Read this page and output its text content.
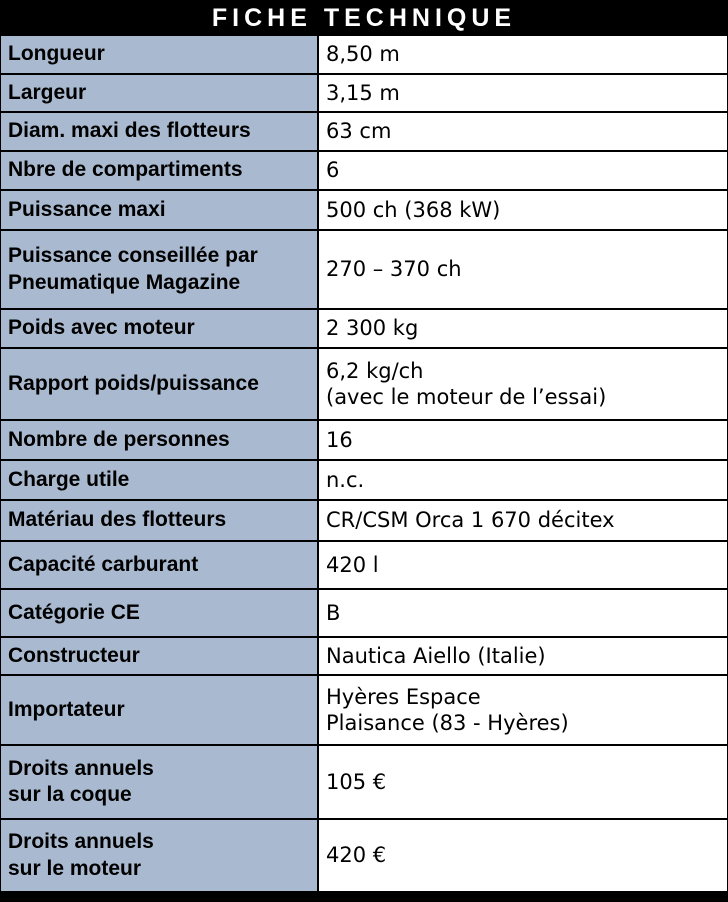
FICHE TECHNIQUE
Longueur	8,50 m

Largeur	3,15 m

Diam. maxi des flotteurs	63 cm

Nbre de compartiments	6

Puissance maxi	500 ch (368 kW)

Puissance conseillée par
Pneumatique Magazine	270 – 370 ch

Poids avec moteur	2 300 kg

Rapport poids/puissance	6,2 kg/ch
(avec le moteur de l’essai)

Nombre de personnes	16

Charge utile	n.c.

Matériau des flotteurs	CR/CSM Orca 1 670 décitex

Capacité carburant	420 l

Catégorie CE	B

Constructeur	Nautica Aiello (Italie)

Importateur	Hyères Espace
Plaisance (83 - Hyères)

Droits annuels
sur la coque	105 €

Droits annuels
sur le moteur	420 €
